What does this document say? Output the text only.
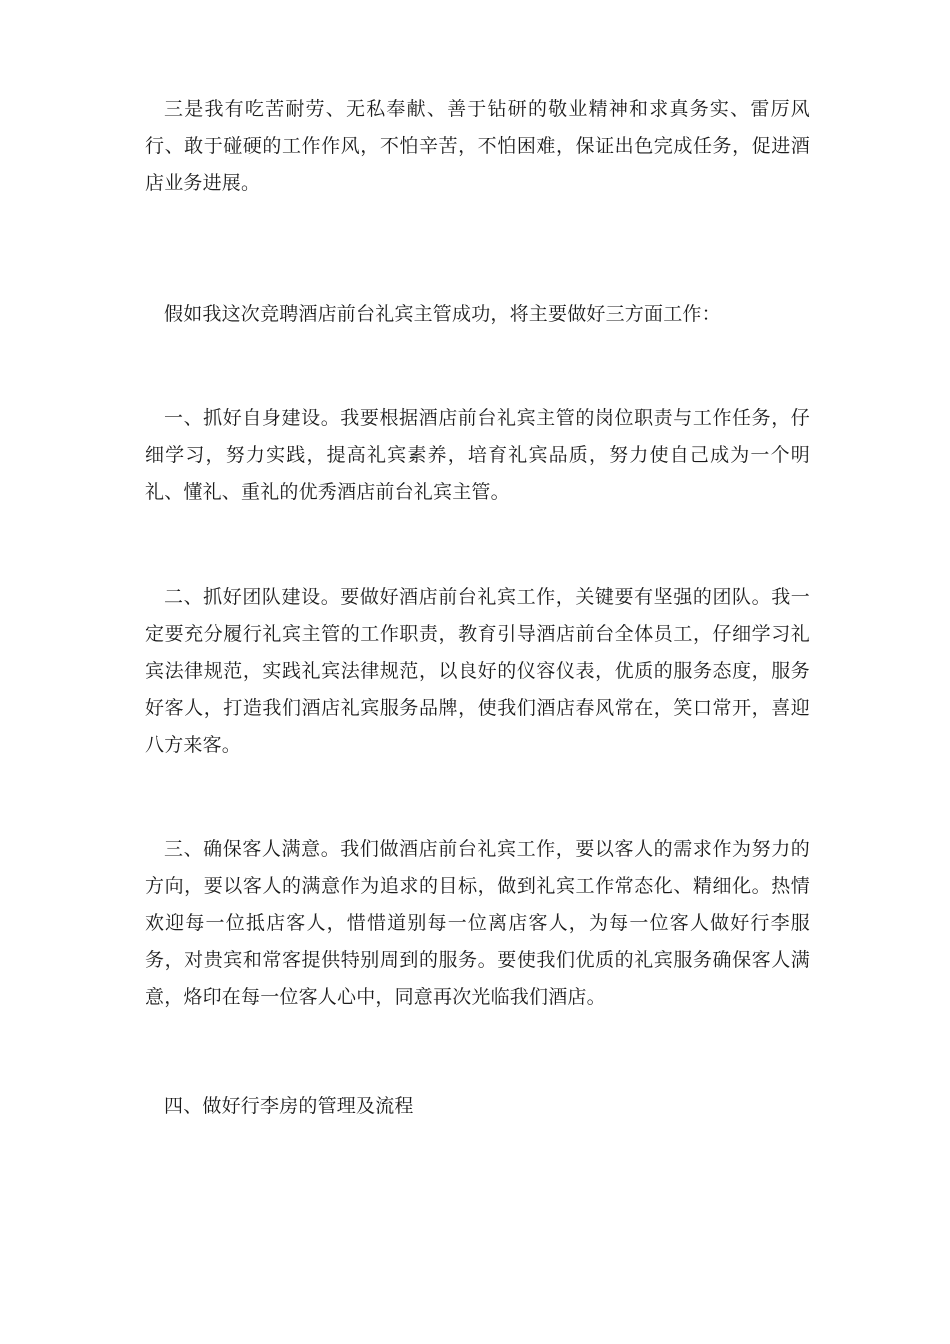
三是我有吃苦耐劳、无私奉献、善于钻研的敬业精神和求真务实、雷厉风行、敢于碰硬的工作作风，不怕辛苦，不怕困难，保证出色完成任务，促进酒店业务进展。

假如我这次竞聘酒店前台礼宾主管成功，将主要做好三方面工作：

一、抓好自身建设。我要根据酒店前台礼宾主管的岗位职责与工作任务，仔细学习，努力实践，提高礼宾素养，培育礼宾品质，努力使自己成为一个明礼、懂礼、重礼的优秀酒店前台礼宾主管。

二、抓好团队建设。要做好酒店前台礼宾工作，关键要有坚强的团队。我一定要充分履行礼宾主管的工作职责，教育引导酒店前台全体员工，仔细学习礼宾法律规范，实践礼宾法律规范，以良好的仪容仪表，优质的服务态度，服务好客人，打造我们酒店礼宾服务品牌，使我们酒店春风常在，笑口常开，喜迎八方来客。

三、确保客人满意。我们做酒店前台礼宾工作，要以客人的需求作为努力的方向，要以客人的满意作为追求的目标，做到礼宾工作常态化、精细化。热情欢迎每一位抵店客人，惜惜道别每一位离店客人，为每一位客人做好行李服务，对贵宾和常客提供特别周到的服务。要使我们优质的礼宾服务确保客人满意，烙印在每一位客人心中，同意再次光临我们酒店。

四、做好行李房的管理及流程
